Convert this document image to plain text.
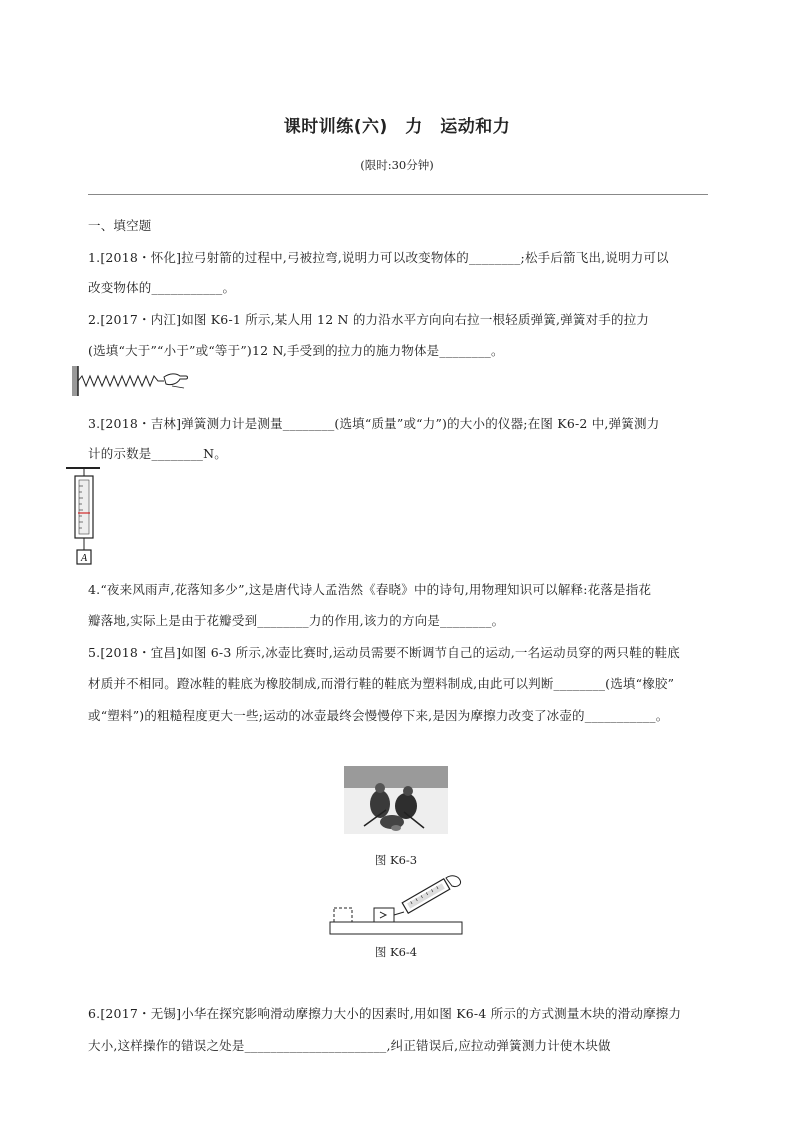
课时训练(六)　力　运动和力
(限时:30分钟)
一、填空题
1.[2018・怀化]拉弓射箭的过程中,弓被拉弯,说明力可以改变物体的________;松手后箭飞出,说明力可以
改变物体的___________。
2.[2017・内江]如图 K6-1 所示,某人用 12 N 的力沿水平方向向右拉一根轻质弹簧,弹簧对手的拉力
(选填“大于”“小于”或“等于”)12 N,手受到的拉力的施力物体是________。
3.[2018・吉林]弹簧测力计是测量________(选填“质量”或“力”)的大小的仪器;在图 K6-2 中,弹簧测力
计的示数是________N。
A
4.“夜来风雨声,花落知多少”,这是唐代诗人孟浩然《春晓》中的诗句,用物理知识可以解释:花落是指花
瓣落地,实际上是由于花瓣受到________力的作用,该力的方向是________。
5.[2018・宜昌]如图 6-3 所示,冰壶比赛时,运动员需要不断调节自己的运动,一名运动员穿的两只鞋的鞋底
材质并不相同。蹬冰鞋的鞋底为橡胶制成,而滑行鞋的鞋底为塑料制成,由此可以判断________(选填“橡胶”
或“塑料”)的粗糙程度更大一些;运动的冰壶最终会慢慢停下来,是因为摩擦力改变了冰壶的___________。
图 K6-3
图 K6-4
6.[2017・无锡]小华在探究影响滑动摩擦力大小的因素时,用如图 K6-4 所示的方式测量木块的滑动摩擦力
大小,这样操作的错误之处是______________________,纠正错误后,应拉动弹簧测力计使木块做
